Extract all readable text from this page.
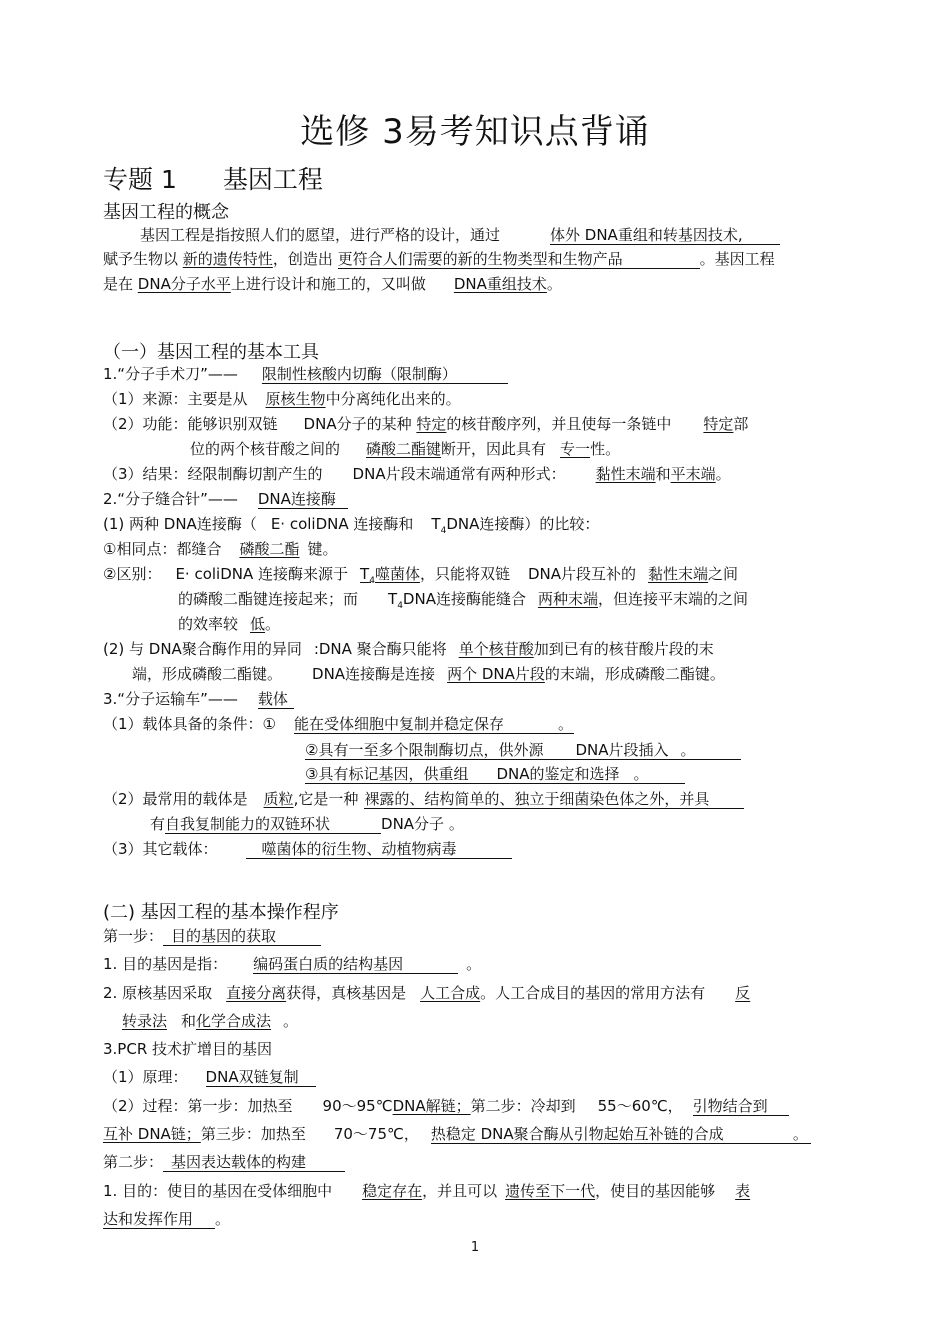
选修 3易考知识点背诵
专题 1 基因工程
基因工程的概念
基因工程是指按照人们的愿望，进行严格的设计，通过	体外 DNA重组和转基因技术,
赋予生物以 新的遗传特性，创造出 更符合人们需要的新的生物类型和生物产品	。基因工程
是在 DNA分子水平上进行设计和施工的，又叫做 DNA重组技术。
（一）基因工程的基本工具
1.“分子手术刀”—— 限制性核酸内切酶（限制酶）
（1）来源：主要是从 原核生物中分离纯化出来的。
（2）功能：能够识别双链 DNA分子的某种 特定的核苷酸序列，并且使每一条链中 特定部
位的两个核苷酸之间的 磷酸二酯键断开，因此具有 专一性。
（3）结果：经限制酶切割产生的 DNA片段末端通常有两种形式： 黏性末端和平末端。
2.“分子缝合针”—— DNA连接酶
(1) 两种 DNA连接酶（ E· coliDNA 连接酶和 $T_4DNA$连接酶）的比较：
①相同点：都缝合 磷酸二酯 键。
②区别： E· coliDNA 连接酶来源于 $T_4$噬菌体，只能将双链 DNA片段互补的 黏性末端之间
的磷酸二酯键连接起来；而 $T_4DNA$连接酶能缝合 两种末端，但连接平末端的之间
的效率较 低。
(2) 与 DNA聚合酶作用的异同 :DNA 聚合酶只能将 单个核苷酸加到已有的核苷酸片段的末
端，形成磷酸二酯键。 DNA连接酶是连接 两个 DNA片段的末端，形成磷酸二酯键。
3.“分子运输车”—— 载体
（1）载体具备的条件：① 能在受体细胞中复制并稳定保存	。
②具有一至多个限制酶切点，供外源 DNA片段插入 。
③具有标记基因，供重组 DNA的鉴定和选择 。
（2）最常用的载体是 质粒,它是一种 裸露的、结构简单的、独立于细菌染色体之外，并具
有自我复制能力的双链环状	DNA分子 。
（3）其它载体：	噬菌体的衍生物、动植物病毒
(二) 基因工程的基本操作程序
第一步： 目的基因的获取
1. 目的基因是指： 编码蛋白质的结构基因	。
2. 原核基因采取 直接分离获得，真核基因是 人工合成。人工合成目的基因的常用方法有 反
转录法 和化学合成法 。
3.PCR 技术扩增目的基因
（1）原理： DNA双链复制
（2）过程：第一步：加热至 90～95℃DNA解链；第二步：冷却到 55～60℃， 引物结合到
互补 DNA链；第三步：加热至 70～75℃， 热稳定 DNA聚合酶从引物起始互补链的合成	。
第二步： 基因表达载体的构建
1. 目的：使目的基因在受体细胞中 稳定存在，并且可以 遗传至下一代，使目的基因能够 表
达和发挥作用 。
1
